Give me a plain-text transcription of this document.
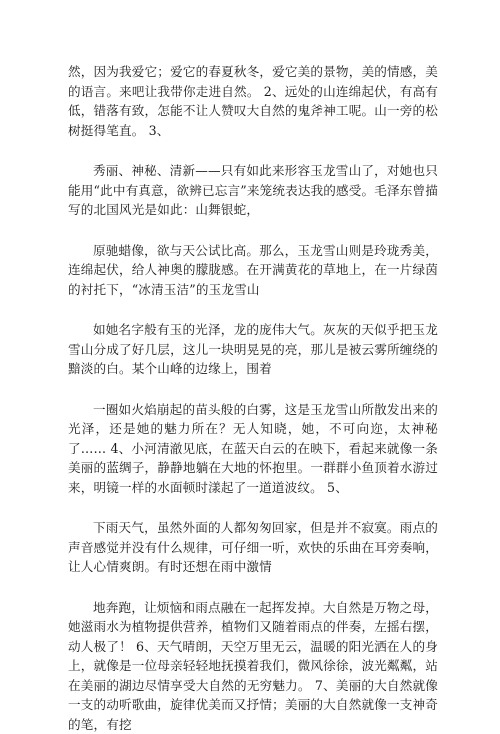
然，因为我爱它；爱它的春夏秋冬，爱它美的景物，美的情感，美的语言。来吧让我带你走进自然。 2、远处的山连绵起伏，有高有低，错落有致，怎能不让人赞叹大自然的鬼斧神工呢。山一旁的松树挺得笔直。 3、

秀丽、神秘、清新——只有如此来形容玉龙雪山了，对她也只能用“此中有真意，欲辨已忘言”来笼统表达我的感受。毛泽东曾描写的北国风光是如此：山舞银蛇，

原驰蜡像，欲与天公试比高。那么，玉龙雪山则是玲珑秀美，连绵起伏，给人神奥的朦胧感。在开满黄花的草地上，在一片绿茵的衬托下，“冰清玉洁”的玉龙雪山

如她名字般有玉的光泽，龙的庞伟大气。灰灰的天似乎把玉龙雪山分成了好几层，这儿一块明晃晃的亮，那儿是被云雾所缠绕的黯淡的白。某个山峰的边缘上，围着

一圈如火焰崩起的苗头般的白雾，这是玉龙雪山所散发出来的光泽，还是她的魅力所在？无人知晓，她，不可向迩，太神秘了…… 4、小河清澈见底，在蓝天白云的在映下，看起来就像一条美丽的蓝绸子，静静地躺在大地的怀抱里。一群群小鱼顶着水游过来，明镜一样的水面顿时漾起了一道道波纹。 5、

下雨天气，虽然外面的人都匆匆回家，但是并不寂寞。雨点的声音感觉并没有什么规律，可仔细一听，欢快的乐曲在耳旁奏响，让人心情爽朗。有时还想在雨中激情

地奔跑，让烦恼和雨点融在一起挥发掉。大自然是万物之母，她滋雨水为植物提供营养，植物们又随着雨点的伴奏，左摇右摆，动人极了！ 6、天气晴朗，天空万里无云，温暖的阳光洒在人的身上，就像是一位母亲轻轻地抚摸着我们，微风徐徐，波光粼粼，站在美丽的湖边尽情享受大自然的无穷魅力。 7、美丽的大自然就像一支的动听歌曲，旋律优美而又抒情；美丽的大自然就像一支神奇的笔，有挖
